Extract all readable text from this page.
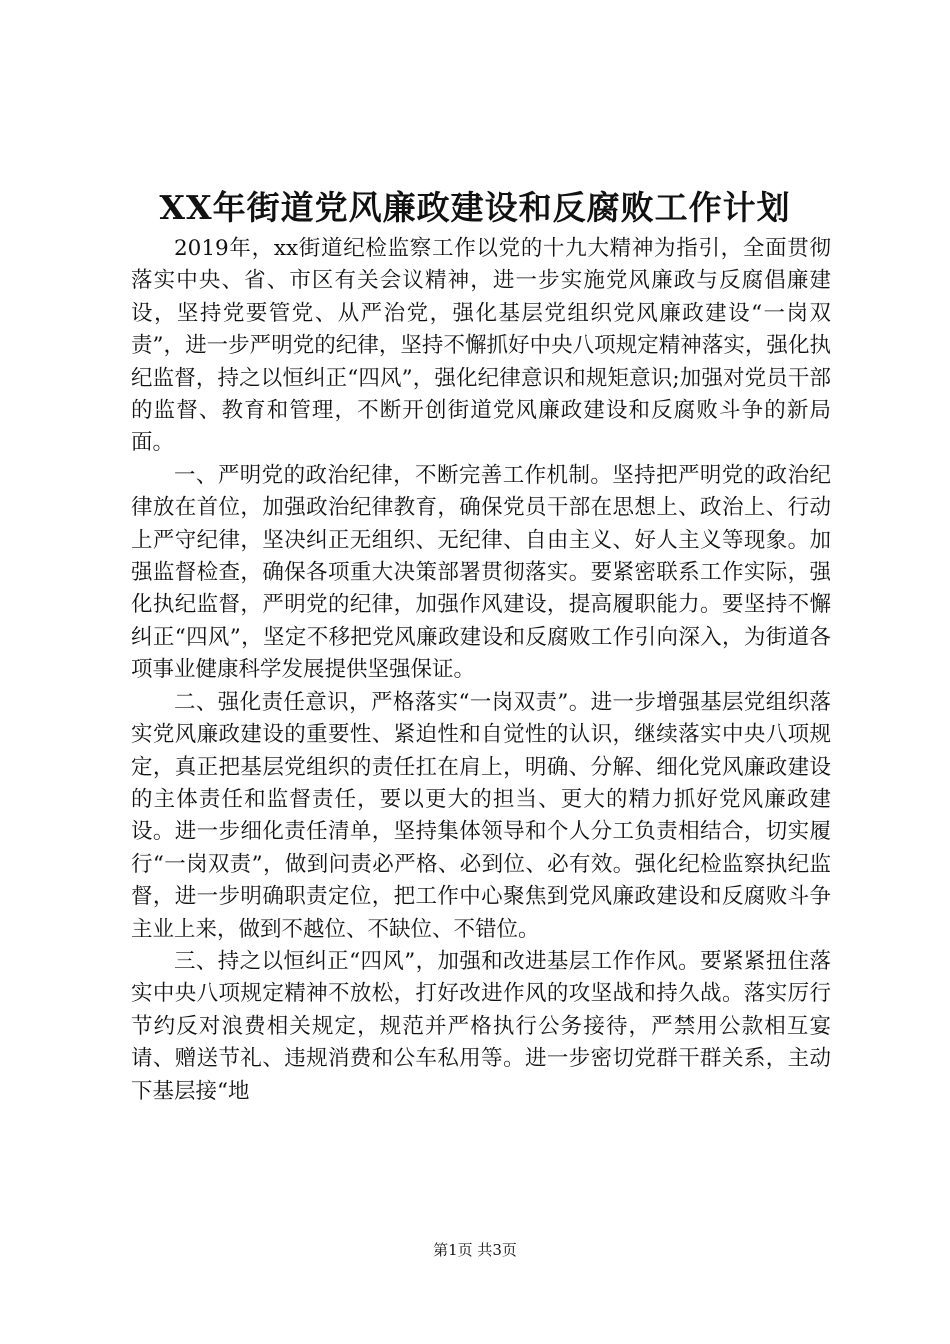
XX年街道党风廉政建设和反腐败工作计划

2019年，xx街道纪检监察工作以党的十九大精神为指引，全面贯彻落实中央、省、市区有关会议精神，进一步实施党风廉政与反腐倡廉建设，坚持党要管党、从严治党，强化基层党组织党风廉政建设“一岗双责”，进一步严明党的纪律，坚持不懈抓好中央八项规定精神落实，强化执纪监督，持之以恒纠正“四风”，强化纪律意识和规矩意识;加强对党员干部的监督、教育和管理，不断开创街道党风廉政建设和反腐败斗争的新局面。

一、严明党的政治纪律，不断完善工作机制。坚持把严明党的政治纪律放在首位，加强政治纪律教育，确保党员干部在思想上、政治上、行动上严守纪律，坚决纠正无组织、无纪律、自由主义、好人主义等现象。加强监督检查，确保各项重大决策部署贯彻落实。要紧密联系工作实际，强化执纪监督，严明党的纪律，加强作风建设，提高履职能力。要坚持不懈纠正“四风”，坚定不移把党风廉政建设和反腐败工作引向深入，为街道各项事业健康科学发展提供坚强保证。

二、强化责任意识，严格落实“一岗双责”。进一步增强基层党组织落实党风廉政建设的重要性、紧迫性和自觉性的认识，继续落实中央八项规定，真正把基层党组织的责任扛在肩上，明确、分解、细化党风廉政建设的主体责任和监督责任，要以更大的担当、更大的精力抓好党风廉政建设。进一步细化责任清单，坚持集体领导和个人分工负责相结合，切实履行“一岗双责”，做到问责必严格、必到位、必有效。强化纪检监察执纪监督，进一步明确职责定位，把工作中心聚焦到党风廉政建设和反腐败斗争主业上来，做到不越位、不缺位、不错位。

三、持之以恒纠正“四风”，加强和改进基层工作作风。要紧紧扭住落实中央八项规定精神不放松，打好改进作风的攻坚战和持久战。落实厉行节约反对浪费相关规定，规范并严格执行公务接待，严禁用公款相互宴请、赠送节礼、违规消费和公车私用等。进一步密切党群干群关系，主动下基层接“地

第1页 共3页
